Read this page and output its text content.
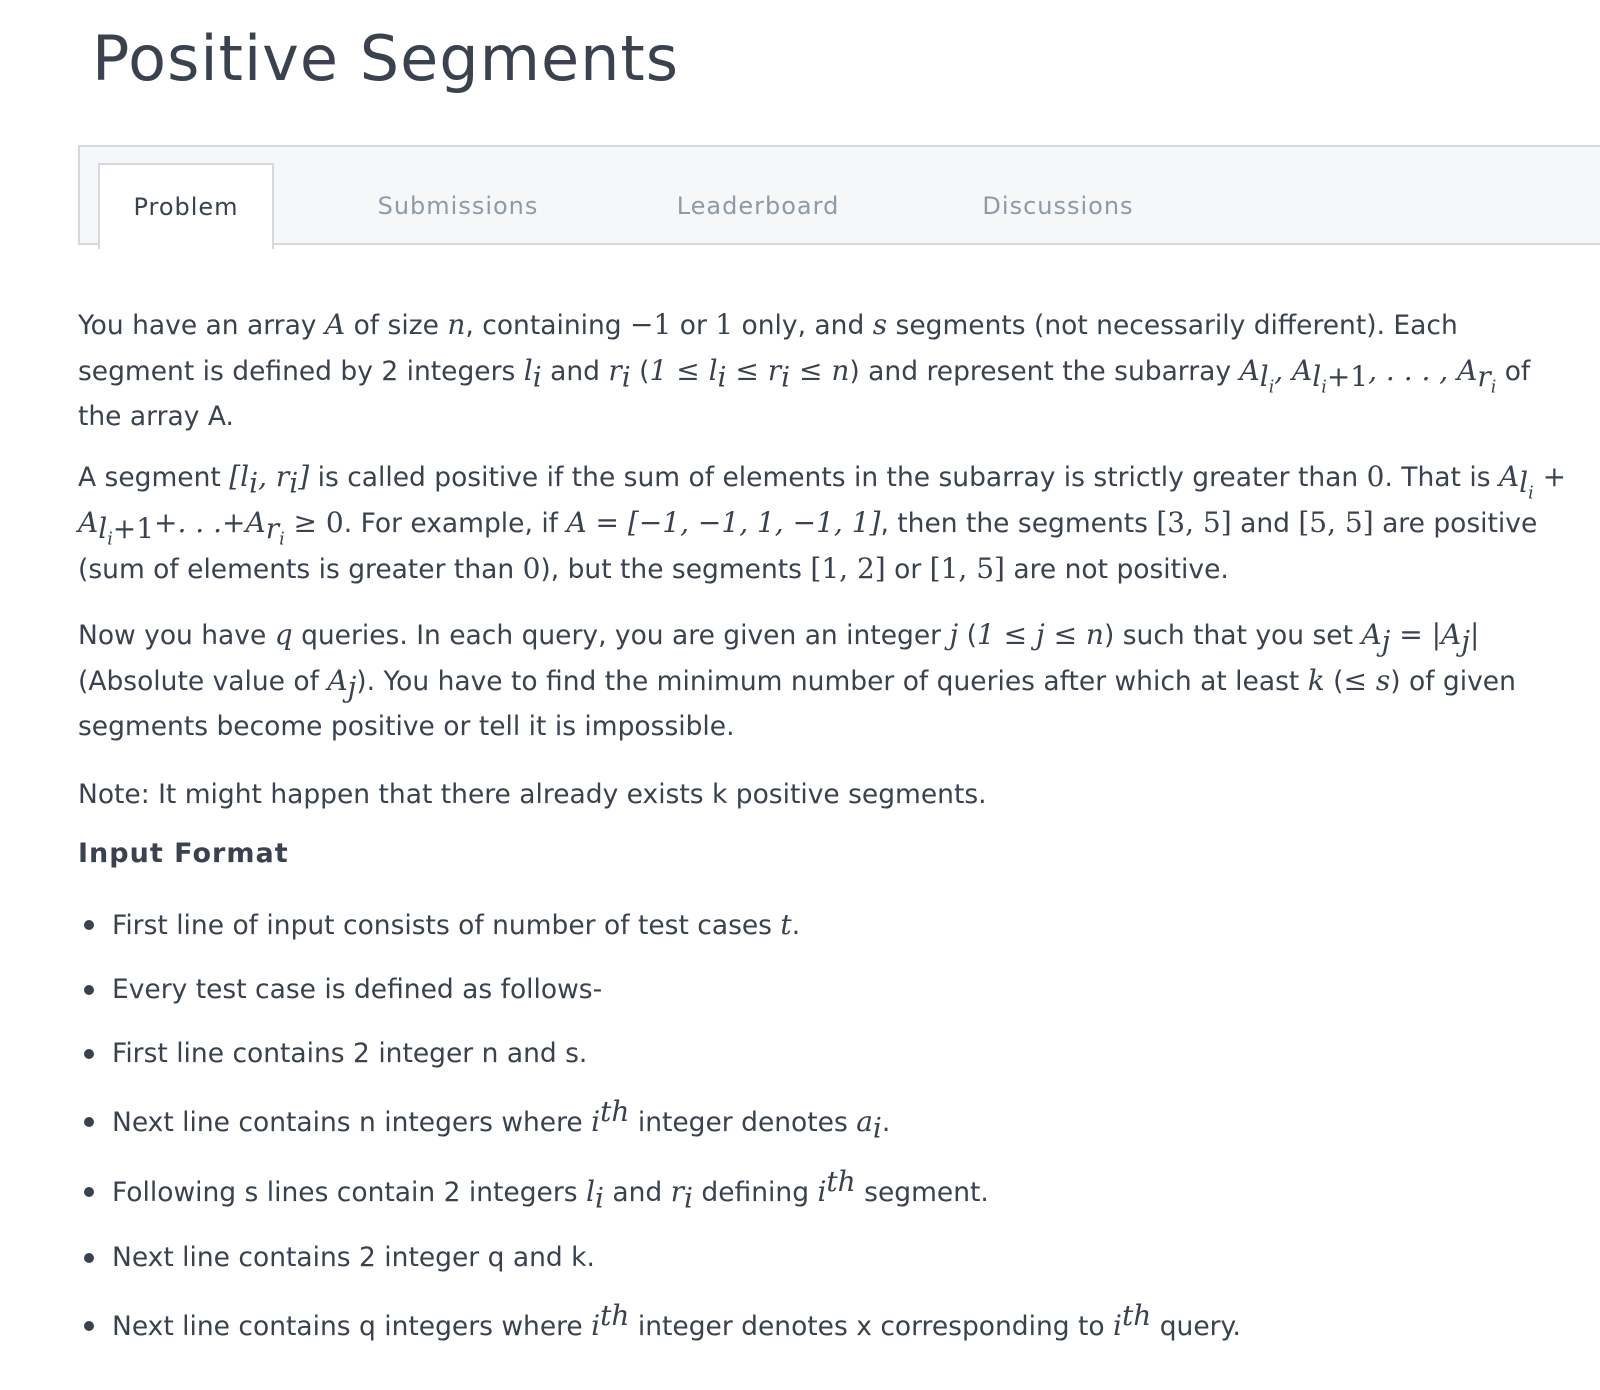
Positive Segments
Problem	Submissions	Leaderboard	Discussions

You have an array A of size n, containing −1 or 1 only, and s segments (not necessarily different). Each segment is defined by 2 integers $l_i$ and $r_i$ $(1 \le l_i \le r_i \le n)$ and represent the subarray $A_{l_i}$, $A_{l_i+1}$, . . . , $A_{r_i}$ of the array A.

A segment [$l_i$, $r_i$] is called positive if the sum of elements in the subarray is strictly greater than 0. That is $A_{l_i} + A_{l_i+1}+$. . $.+A_{r_i} \ge 0$. For example, if A = [−1, −1, 1, −1, 1], then the segments [3, 5] and [5, 5] are positive (sum of elements is greater than 0), but the segments [1, 2] or [1, 5] are not positive.

Now you have q queries. In each query, you are given an integer j (1 ≤ j ≤ n) such that you set $A_j = |A_j|$ (Absolute value of $A_j$). You have to find the minimum number of queries after which at least k (≤ s) of given segments become positive or tell it is impossible.

Note: It might happen that there already exists k positive segments.

Input Format
First line of input consists of number of test cases t.
Every test case is defined as follows-
First line contains 2 integer n and s.
Next line contains n integers where $i^{th}$ integer denotes $a_i$.
Following s lines contain 2 integers $l_i$ and $r_i$ defining $i^{th}$ segment.
Next line contains 2 integer q and k.
Next line contains q integers where $i^{th}$ integer denotes x corresponding to $i^{th}$ query.
